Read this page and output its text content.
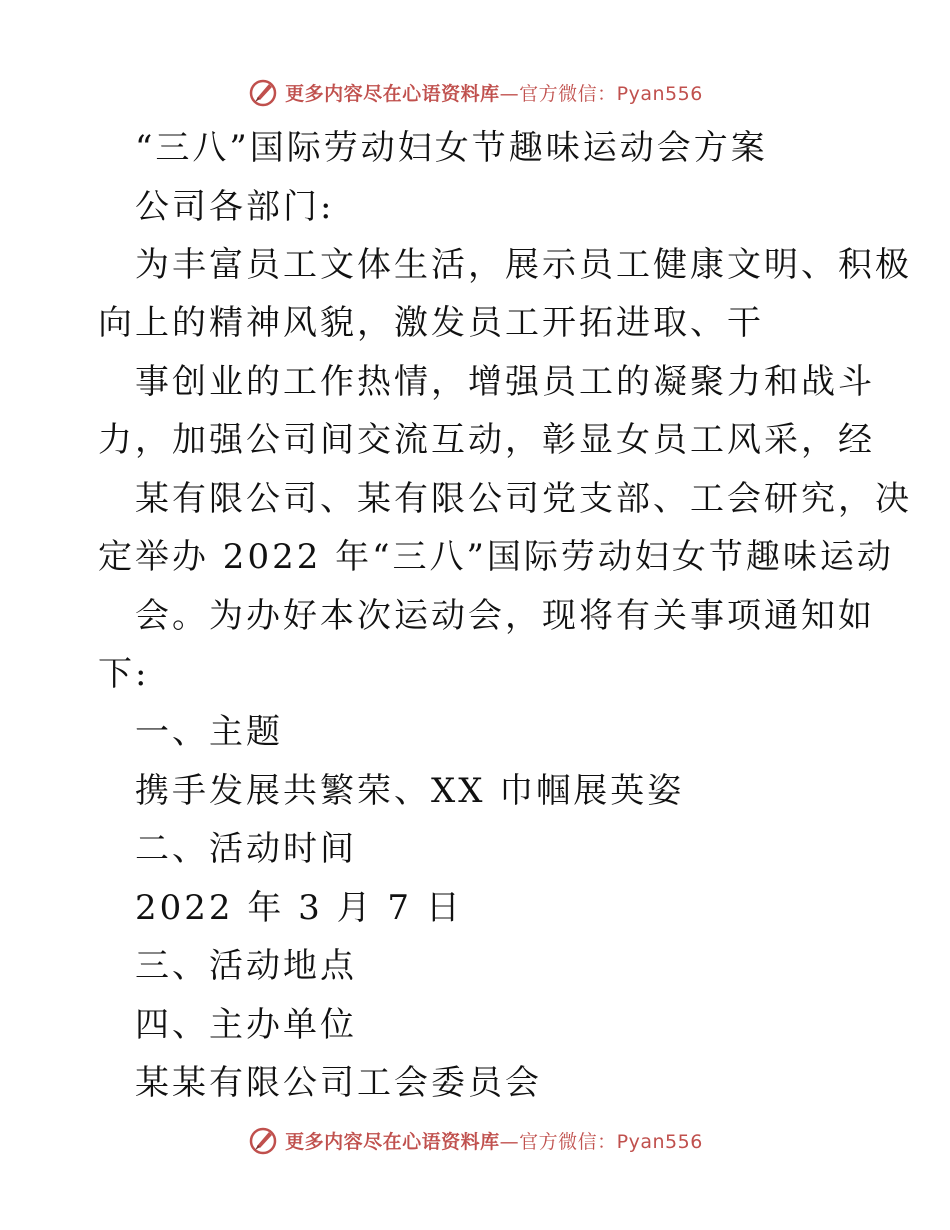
更多内容尽在心语资料库—官方微信：Pyan556
“三八”国际劳动妇女节趣味运动会方案
公司各部门:
为丰富员工文体生活，展示员工健康文明、积极
向上的精神风貌，激发员工开拓进取、干
事创业的工作热情，增强员工的凝聚力和战斗
力，加强公司间交流互动，彰显女员工风采，经
某有限公司、某有限公司党支部、工会研究，决
定举办 2022 年“三八”国际劳动妇女节趣味运动
会。为办好本次运动会，现将有关事项通知如
下:
一、主题
携手发展共繁荣、XX 巾帼展英姿
二、活动时间
2022 年 3 月 7 日
三、活动地点
四、主办单位
某某有限公司工会委员会
更多内容尽在心语资料库—官方微信：Pyan556
